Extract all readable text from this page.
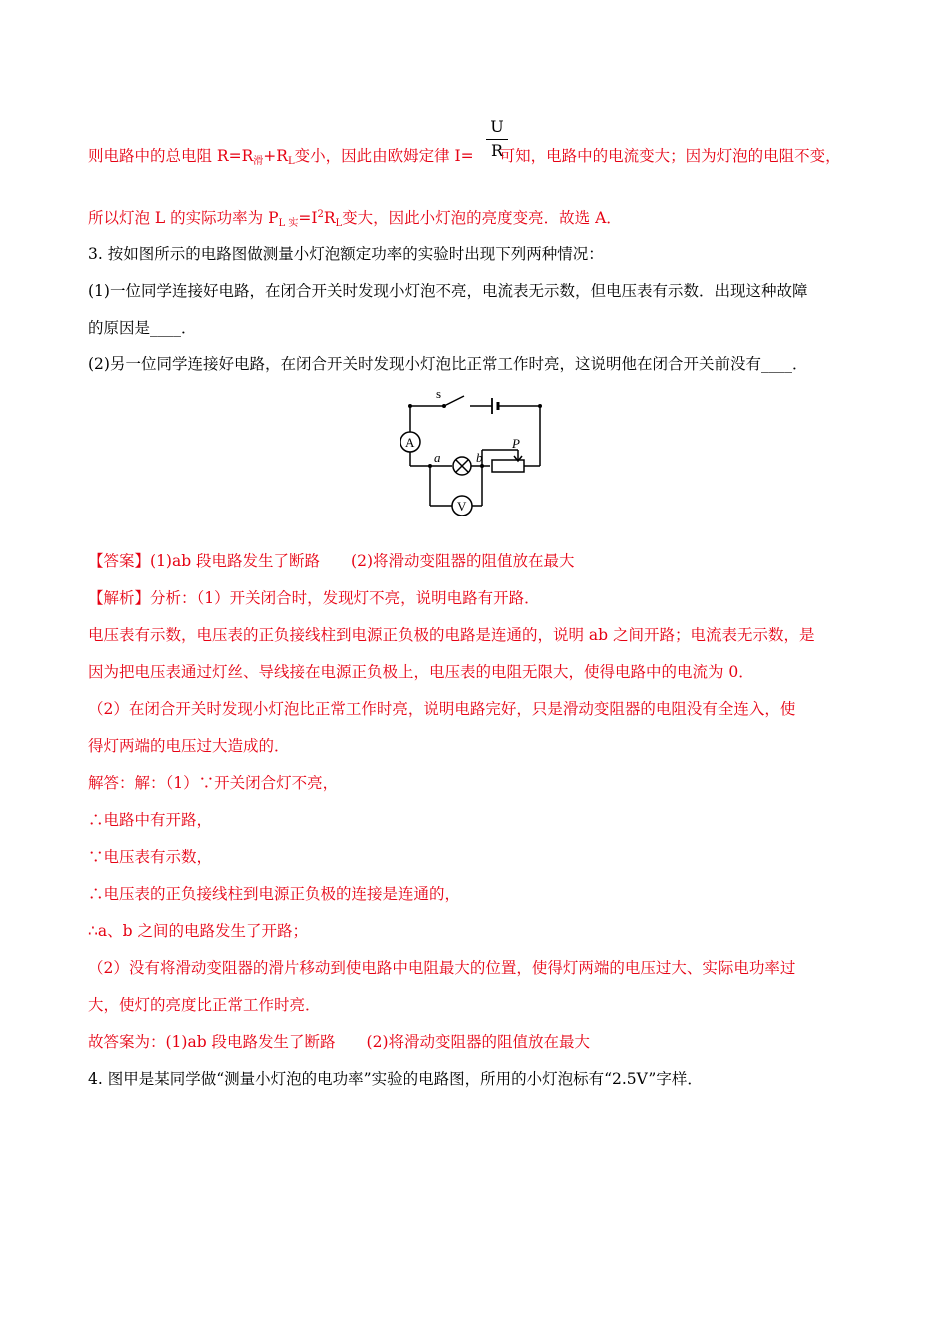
$\frac{U}{R}$
则电路中的总电阻 $R=R_滑+R_L$变小，因此由欧姆定律 I= 可知，电路中的电流变大；因为灯泡的电阻不变，
所以灯泡 L 的实际功率为 $P_{L 实}=I^2R_L$变大，因此小灯泡的亮度变亮．故选 A．
3. 按如图所示的电路图做测量小灯泡额定功率的实验时出现下列两种情况：
(1)一位同学连接好电路，在闭合开关时发现小灯泡不亮，电流表无示数，但电压表有示数．出现这种故障
的原因是____．
(2)另一位同学连接好电路，在闭合开关时发现小灯泡比正常工作时亮，这说明他在闭合开关前没有____．
s
A
V
a	b
P
【答案】(1)ab 段电路发生了断路　　(2)将滑动变阻器的阻值放在最大
【解析】分析：（1）开关闭合时，发现灯不亮，说明电路有开路．
电压表有示数，电压表的正负接线柱到电源正负极的电路是连通的，说明 ab 之间开路；电流表无示数，是
因为把电压表通过灯丝、导线接在电源正负极上，电压表的电阻无限大，使得电路中的电流为 0．
（2）在闭合开关时发现小灯泡比正常工作时亮，说明电路完好，只是滑动变阻器的电阻没有全连入，使
得灯两端的电压过大造成的．
解答：解：（1）∵开关闭合灯不亮，
∴电路中有开路，
∵电压表有示数，
∴电压表的正负接线柱到电源正负极的连接是连通的，
∴a、b 之间的电路发生了开路；
（2）没有将滑动变阻器的滑片移动到使电路中电阻最大的位置，使得灯两端的电压过大、实际电功率过
大，使灯的亮度比正常工作时亮．
故答案为：(1)ab 段电路发生了断路　　(2)将滑动变阻器的阻值放在最大
4. 图甲是某同学做“测量小灯泡的电功率”实验的电路图，所用的小灯泡标有“2.5V”字样．
